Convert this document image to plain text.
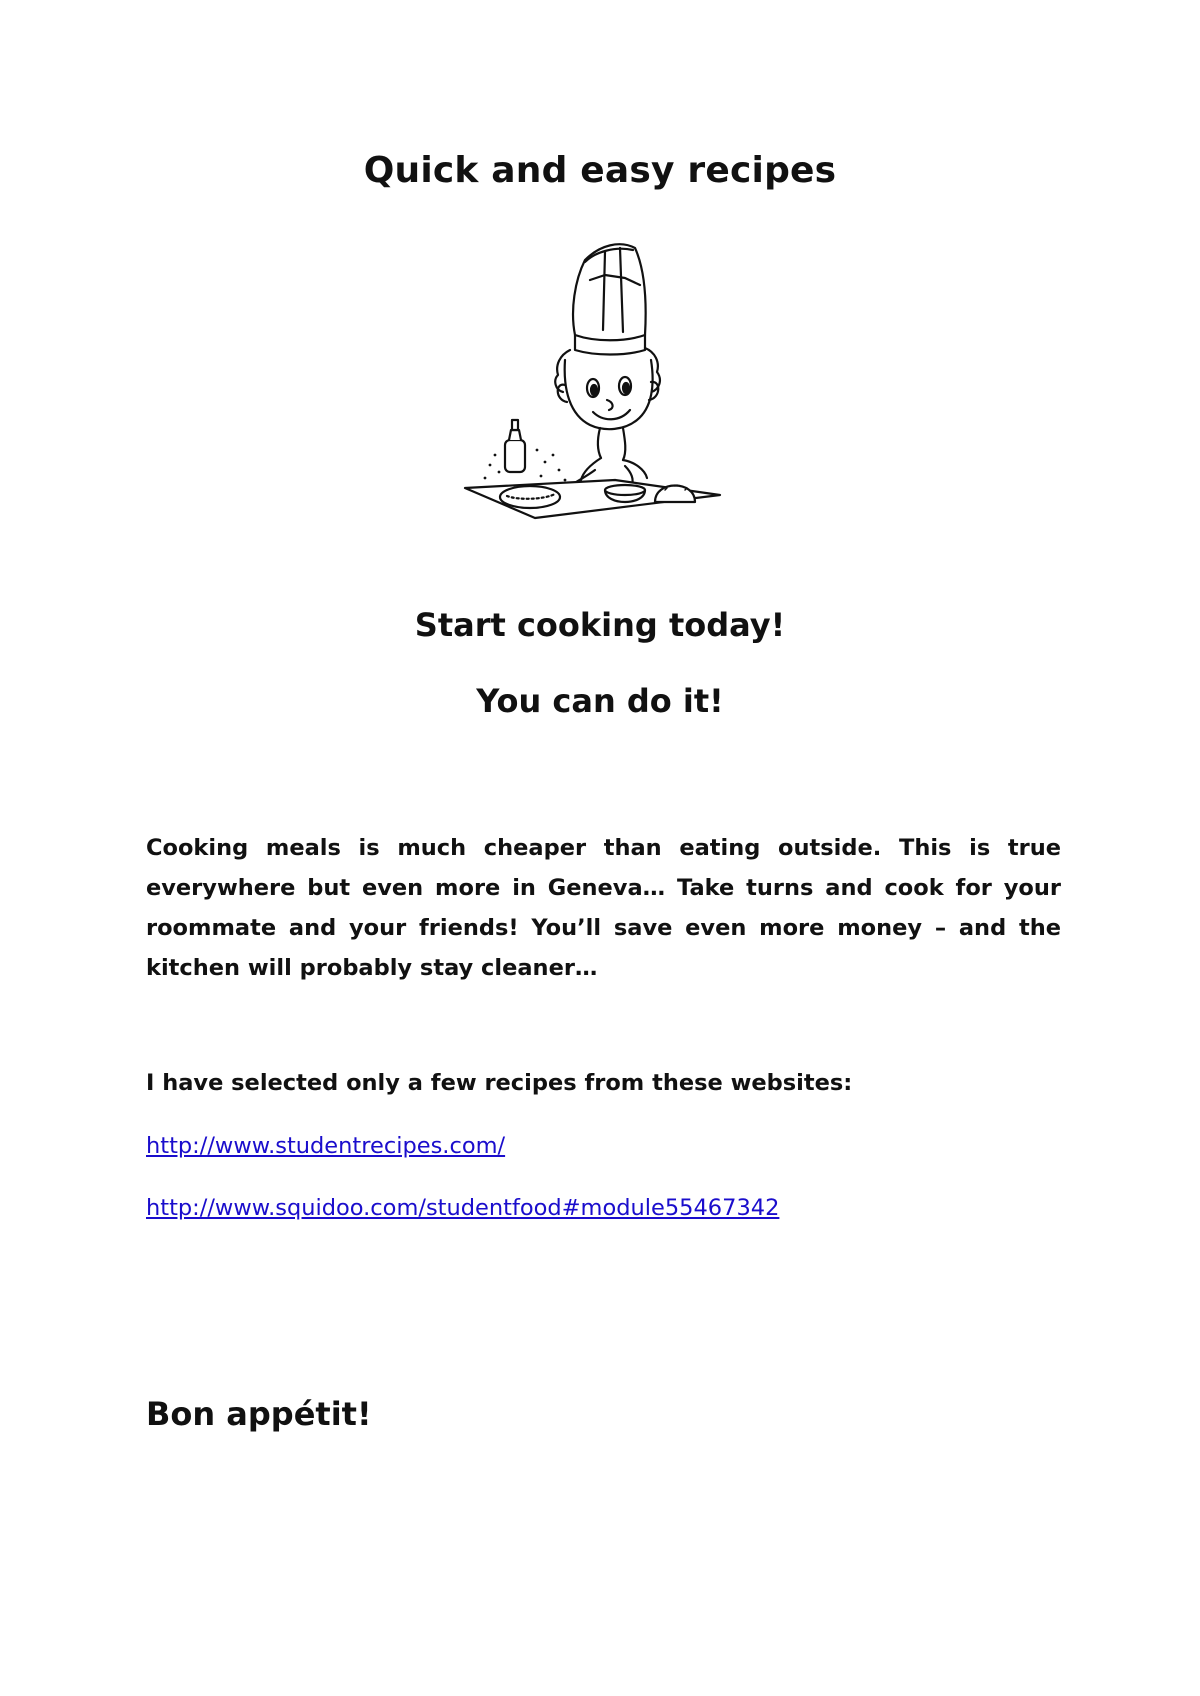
Quick and easy recipes
Start cooking today!
You can do it!

Cooking meals is much cheaper than eating outside. This is true everywhere but even more in Geneva… Take turns and cook for your roommate and your friends! You’ll save even more money – and the kitchen will probably stay cleaner…

I have selected only a few recipes from these websites:
http://www.studentrecipes.com/
http://www.squidoo.com/studentfood#module55467342
Bon appétit!
